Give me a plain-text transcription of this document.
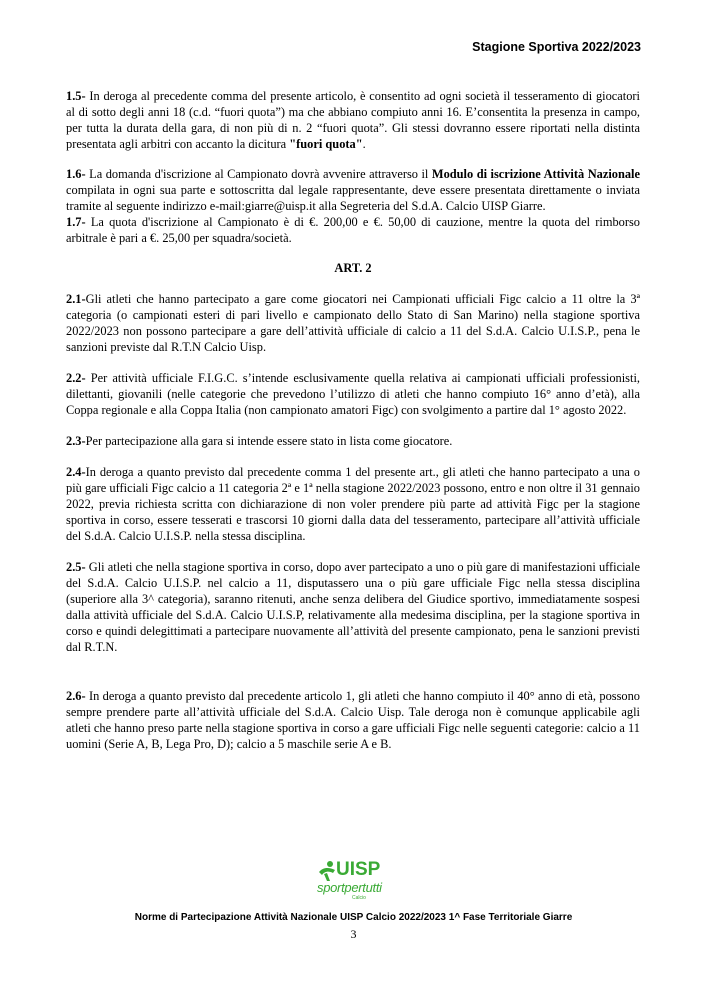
Stagione Sportiva 2022/2023

1.5- In deroga al precedente comma del presente articolo, è consentito ad ogni società il tesseramento di giocatori al di sotto degli anni 18 (c.d. “fuori quota”) ma che abbiano compiuto anni 16. E’consentita la presenza in campo, per tutta la durata della gara, di non più di n. 2 “fuori quota”. Gli stessi dovranno essere riportati nella distinta presentata agli arbitri con accanto la dicitura "fuori quota".

1.6- La domanda d'iscrizione al Campionato dovrà avvenire attraverso il Modulo di iscrizione Attività Nazionale compilata in ogni sua parte e sottoscritta dal legale rappresentante, deve essere presentata direttamente o inviata tramite al seguente indirizzo e-mail:giarre@uisp.it alla Segreteria del S.d.A. Calcio UISP Giarre.

1.7- La quota d'iscrizione al Campionato è di €. 200,00 e €. 50,00 di cauzione, mentre la quota del rimborso arbitrale è pari a €. 25,00 per squadra/società.

ART. 2

2.1-Gli atleti che hanno partecipato a gare come giocatori nei Campionati ufficiali Figc calcio a 11 oltre la 3ª categoria (o campionati esteri di pari livello e campionato dello Stato di San Marino) nella stagione sportiva 2022/2023 non possono partecipare a gare dell’attività ufficiale di calcio a 11 del S.d.A. Calcio U.I.S.P., pena le sanzioni previste dal R.T.N Calcio Uisp.

2.2- Per attività ufficiale F.I.G.C. s’intende esclusivamente quella relativa ai campionati ufficiali professionisti, dilettanti, giovanili (nelle categorie che prevedono l’utilizzo di atleti che hanno compiuto 16° anno d’età), alla Coppa regionale e alla Coppa Italia (non campionato amatori Figc) con svolgimento a partire dal 1° agosto 2022.

2.3-Per partecipazione alla gara si intende essere stato in lista come giocatore.

2.4-In deroga a quanto previsto dal precedente comma 1 del presente art., gli atleti che hanno partecipato a una o più gare ufficiali Figc calcio a 11 categoria 2ª e 1ª nella stagione 2022/2023 possono, entro e non oltre il 31 gennaio 2022, previa richiesta scritta con dichiarazione di non voler prendere più parte ad attività Figc per la stagione sportiva in corso, essere tesserati e trascorsi 10 giorni dalla data del tesseramento, partecipare all’attività ufficiale del S.d.A. Calcio U.I.S.P. nella stessa disciplina.

2.5- Gli atleti che nella stagione sportiva in corso, dopo aver partecipato a uno o più gare di manifestazioni ufficiale del S.d.A. Calcio U.I.S.P. nel calcio a 11, disputassero una o più gare ufficiale Figc nella stessa disciplina (superiore alla 3^ categoria), saranno ritenuti, anche senza delibera del Giudice sportivo, immediatamente sospesi dalla attività ufficiale del S.d.A. Calcio U.I.S.P, relativamente alla medesima disciplina, per la stagione sportiva in corso e quindi delegittimati a partecipare nuovamente all’attività del presente campionato, pena le sanzioni previsti dal R.T.N.

2.6- In deroga a quanto previsto dal precedente articolo 1, gli atleti che hanno compiuto il 40° anno di età, possono sempre prendere parte all’attività ufficiale del S.d.A. Calcio Uisp. Tale deroga non è comunque applicabile agli atleti che hanno preso parte nella stagione sportiva in corso a gare ufficiali Figc nelle seguenti categorie: calcio a 11 uomini (Serie A, B, Lega Pro, D); calcio a 5 maschile serie A e B.

UISP
sportpertutti
Calcio
Norme di Partecipazione Attività Nazionale UISP Calcio 2022/2023 1^ Fase Territoriale Giarre
3
